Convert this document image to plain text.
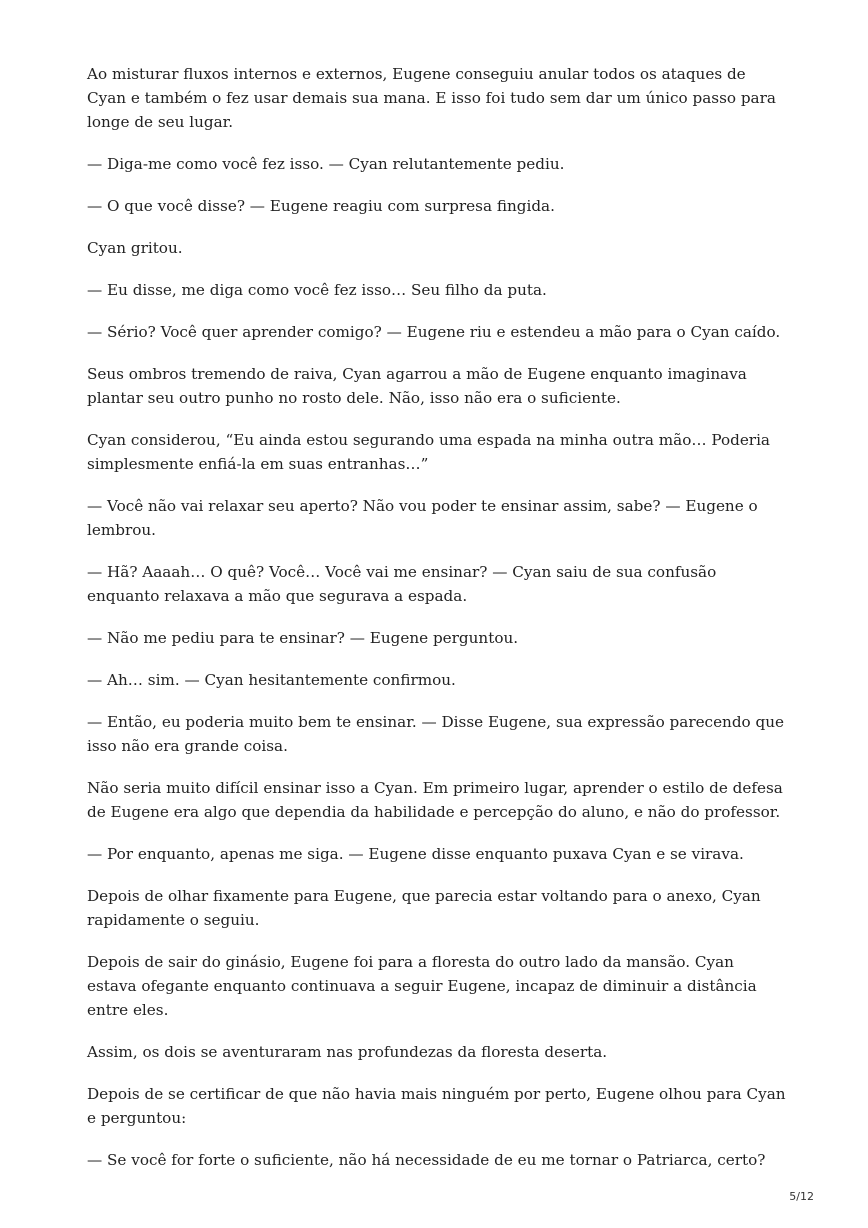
Ao misturar fluxos internos e externos, Eugene conseguiu anular todos os ataques de Cyan e também o fez usar demais sua mana. E isso foi tudo sem dar um único passo para longe de seu lugar.

— Diga-me como você fez isso. — Cyan relutantemente pediu.

— O que você disse? — Eugene reagiu com surpresa fingida.

Cyan gritou.

— Eu disse, me diga como você fez isso… Seu filho da puta.

— Sério? Você quer aprender comigo? — Eugene riu e estendeu a mão para o Cyan caído.

Seus ombros tremendo de raiva, Cyan agarrou a mão de Eugene enquanto imaginava plantar seu outro punho no rosto dele. Não, isso não era o suficiente.

Cyan considerou, “Eu ainda estou segurando uma espada na minha outra mão… Poderia simplesmente enfiá-la em suas entranhas…”

— Você não vai relaxar seu aperto? Não vou poder te ensinar assim, sabe? — Eugene o lembrou.

— Hã? Aaaah… O quê? Você… Você vai me ensinar? — Cyan saiu de sua confusão enquanto relaxava a mão que segurava a espada.

— Não me pediu para te ensinar? — Eugene perguntou.

— Ah… sim. — Cyan hesitantemente confirmou.

— Então, eu poderia muito bem te ensinar. — Disse Eugene, sua expressão parecendo que isso não era grande coisa.

Não seria muito difícil ensinar isso a Cyan. Em primeiro lugar, aprender o estilo de defesa de Eugene era algo que dependia da habilidade e percepção do aluno, e não do professor.

— Por enquanto, apenas me siga. — Eugene disse enquanto puxava Cyan e se virava.

Depois de olhar fixamente para Eugene, que parecia estar voltando para o anexo, Cyan rapidamente o seguiu.

Depois de sair do ginásio, Eugene foi para a floresta do outro lado da mansão. Cyan estava ofegante enquanto continuava a seguir Eugene, incapaz de diminuir a distância entre eles.

Assim, os dois se aventuraram nas profundezas da floresta deserta.

Depois de se certificar de que não havia mais ninguém por perto, Eugene olhou para Cyan e perguntou:

— Se você for forte o suficiente, não há necessidade de eu me tornar o Patriarca, certo?

5/12
